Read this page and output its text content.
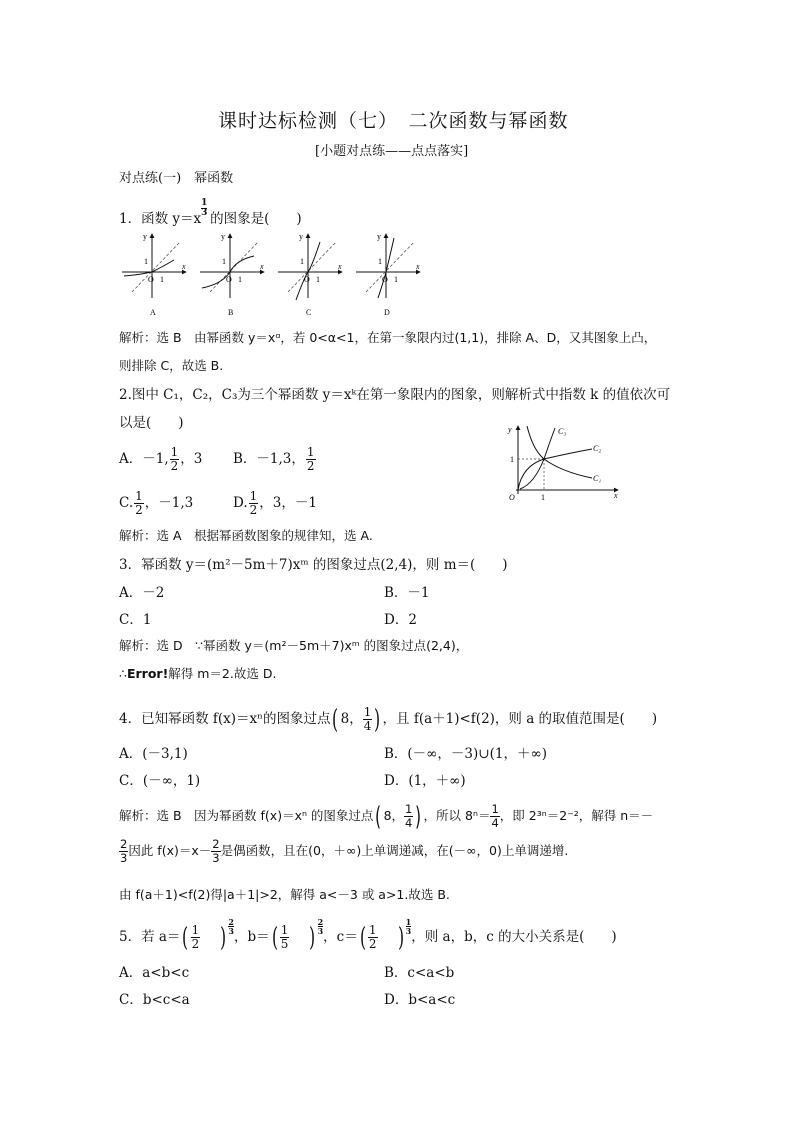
课时达标检测（七）　二次函数与幂函数
[小题对点练——点点落实]
对点练(一)　幂函数
1．函数 y＝x
1
3 的图象是(　　)
y
x
1
O 1
A
y
x
1
O 1
B
y
x
1
O 1
C
y
x
1
O 1
D
解析：选 B　由幂函数 y＝xᵅ，若 0<α<1，在第一象限内过(1,1)，排除 A、D，又其图象上凸，
则排除 C，故选 B.
2.图中 C₁，C₂，C₃为三个幂函数 y＝xᵏ在第一象限内的图象，则解析式中指数 k 的值依次可
以是(　　)
A．－1, $\frac{1}{2}$ ，3 B．－1,3， $\frac{1}{2}$
C. $\frac{1}{2}$ ，－1,3	D. $\frac{1}{2}$ ，3，－1
y
x
O
1
1
C₃
C₂
C₁
解析：选 A　根据幂函数图象的规律知，选 A.
3．幂函数 y＝(m²－5m＋7)xᵐ 的图象过点(2,4)，则 m＝(　　)
A．－2	B．－1
C．1	D．2
解析：选 D　∵幂函数 y＝(m²－5m＋7)xᵐ 的图象过点(2,4)，
∴Error!解得 m＝2.故选 D.
4．已知幂函数 f(x)＝xⁿ的图象过点( 8， $\frac{1}{4}$ ) ，且 f(a＋1)<f(2)，则 a 的取值范围是(　　)
A．(－3,1)	B．(－∞，－3)∪(1，＋∞)
C．(－∞，1)	D．(1，＋∞)
解析：选 B　因为幂函数 f(x)＝xⁿ 的图象过点( 8， $\frac{1}{4}$ ) ，所以 $8^n= \frac{1}{4}$ ，即 2³ⁿ＝2⁻²，解得 n＝－
$\frac{2}{3}$ 因此 $f(x)=x- \frac{2}{3}$ 是偶函数，且在(0，＋∞)上单调递减，在(－∞，0)上单调递增.
由 f(a＋1)<f(2)得|a＋1|>2，解得 a<－3 或 a>1.故选 B.
5．若 $a=( \frac{1}{2}$ ) $\frac{2}{3}$
，$b=( \frac{1}{5}$ ) $\frac{2}{3}$
，$c=( \frac{1}{2}$ ) $\frac{1}{3}$
，则 a，b，c 的大小关系是(　　)
A．a<b<c	B．c<a<b
C．b<c<a	D．b<a<c
